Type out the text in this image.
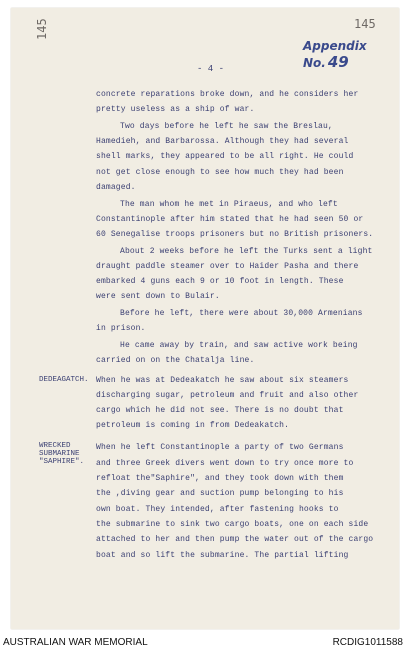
145
145
Appendix No. 49
- 4 -
concrete reparations broke down, and he considers her
pretty useless as a ship of war.
Two days before he left he saw the Breslau,
Hamedieh, and Barbarossa. Although they had several
shell marks, they appeared to be all right. He could
not get close enough to see how much they had been
damaged.
The man whom he met in Piraeus, and who left
Constantinople after him stated that he had seen 50 or
60 Senegalise troops prisoners but no British prisoners.
About 2 weeks before he left the Turks sent a light
draught paddle steamer over to Haider Pasha and there
embarked 4 guns each 9 or 10 foot in length. These
were sent down to Bulair.
Before he left, there were about 30,000 Armenians
in prison.
He came away by train, and saw active work being
carried on on the Chatalja line.
When he was at Dedeakatch he saw about six steamers
discharging sugar, petroleum and fruit and also other
cargo which he did not see. There is no doubt that
petroleum is coming in from Dedeakatch.
When he left Constantinople a party of two Germans
and three Greek divers went down to try once more to
refloat the"Saphire", and they took down with them
the ,diving gear and suction pump belonging to his
own boat. They intended, after fastening hooks to
the submarine to sink two cargo boats, one on each side
attached to her and then pump the water out of the cargo
boat and so lift the submarine. The partial lifting
DEDEAGATCH.
WRECKED
SUBMARINE
"SAPHIRE".
AUSTRALIAN WAR MEMORIAL	RCDIG1011588
